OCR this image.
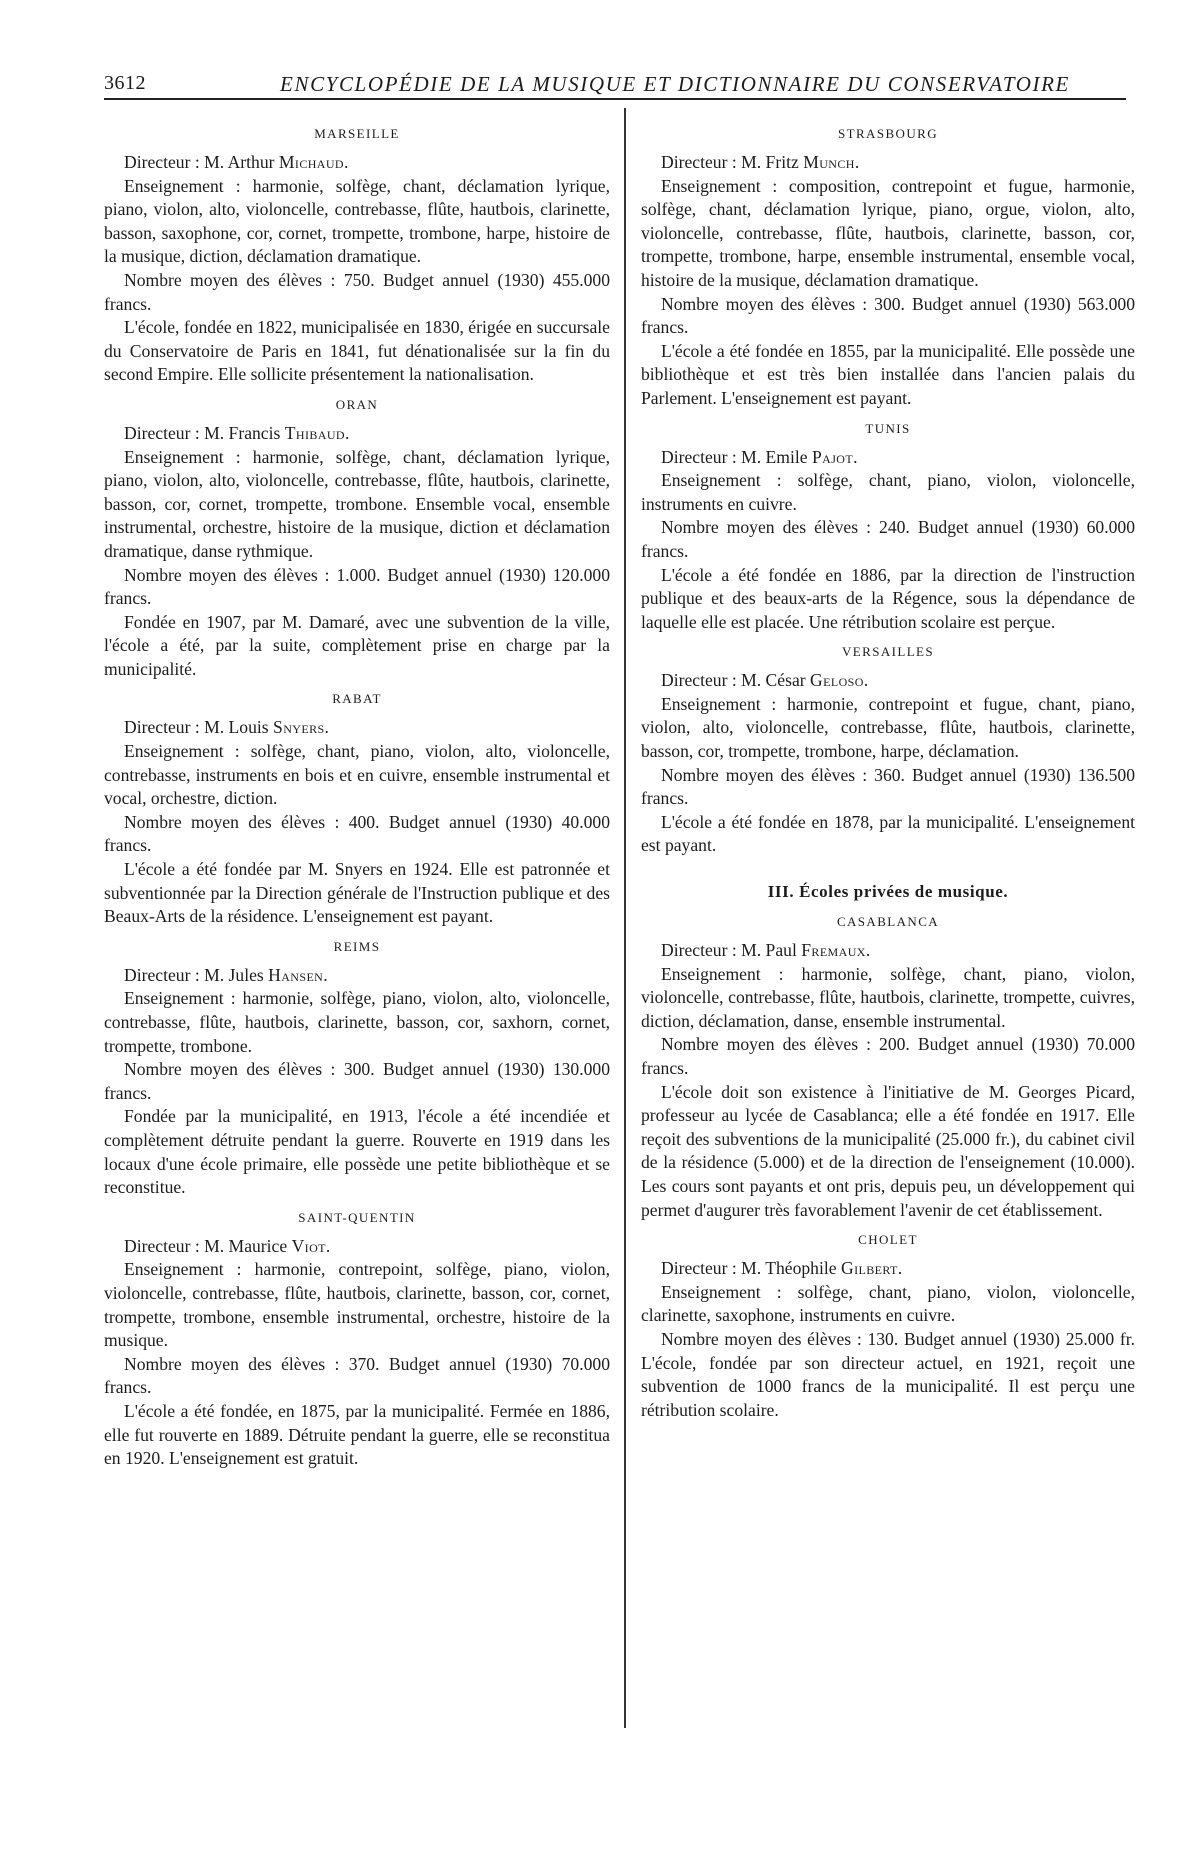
3612	ENCYCLOPÉDIE DE LA MUSIQUE ET DICTIONNAIRE DU CONSERVATOIRE
MARSEILLE

Directeur : M. Arthur Michaud.

Enseignement : harmonie, solfège, chant, déclamation lyrique, piano, violon, alto, violoncelle, contrebasse, flûte, hautbois, clarinette, basson, saxophone, cor, cornet, trompette, trombone, harpe, histoire de la musique, diction, déclamation dramatique.

Nombre moyen des élèves : 750. Budget annuel (1930) 455.000 francs.

L'école, fondée en 1822, municipalisée en 1830, érigée en succursale du Conservatoire de Paris en 1841, fut dénationalisée sur la fin du second Empire. Elle sollicite présentement la nationalisation.

ORAN

Directeur : M. Francis Thibaud.

Enseignement : harmonie, solfège, chant, déclamation lyrique, piano, violon, alto, violoncelle, contrebasse, flûte, hautbois, clarinette, basson, cor, cornet, trompette, trombone. Ensemble vocal, ensemble instrumental, orchestre, histoire de la musique, diction et déclamation dramatique, danse rythmique.

Nombre moyen des élèves : 1.000. Budget annuel (1930) 120.000 francs.

Fondée en 1907, par M. Damaré, avec une subvention de la ville, l'école a été, par la suite, complètement prise en charge par la municipalité.

RABAT

Directeur : M. Louis Snyers.

Enseignement : solfège, chant, piano, violon, alto, violoncelle, contrebasse, instruments en bois et en cuivre, ensemble instrumental et vocal, orchestre, diction.

Nombre moyen des élèves : 400. Budget annuel (1930) 40.000 francs.

L'école a été fondée par M. Snyers en 1924. Elle est patronnée et subventionnée par la Direction générale de l'Instruction publique et des Beaux-Arts de la résidence. L'enseignement est payant.

REIMS

Directeur : M. Jules Hansen.

Enseignement : harmonie, solfège, piano, violon, alto, violoncelle, contrebasse, flûte, hautbois, clarinette, basson, cor, saxhorn, cornet, trompette, trombone.

Nombre moyen des élèves : 300. Budget annuel (1930) 130.000 francs.

Fondée par la municipalité, en 1913, l'école a été incendiée et complètement détruite pendant la guerre. Rouverte en 1919 dans les locaux d'une école primaire, elle possède une petite bibliothèque et se reconstitue.

SAINT-QUENTIN

Directeur : M. Maurice Viot.

Enseignement : harmonie, contrepoint, solfège, piano, violon, violoncelle, contrebasse, flûte, hautbois, clarinette, basson, cor, cornet, trompette, trombone, ensemble instrumental, orchestre, histoire de la musique.

Nombre moyen des élèves : 370. Budget annuel (1930) 70.000 francs.

L'école a été fondée, en 1875, par la municipalité. Fermée en 1886, elle fut rouverte en 1889. Détruite pendant la guerre, elle se reconstitua en 1920. L'enseignement est gratuit.

STRASBOURG

Directeur : M. Fritz Munch.

Enseignement : composition, contrepoint et fugue, harmonie, solfège, chant, déclamation lyrique, piano, orgue, violon, alto, violoncelle, contrebasse, flûte, hautbois, clarinette, basson, cor, trompette, trombone, harpe, ensemble instrumental, ensemble vocal, histoire de la musique, déclamation dramatique.

Nombre moyen des élèves : 300. Budget annuel (1930) 563.000 francs.

L'école a été fondée en 1855, par la municipalité. Elle possède une bibliothèque et est très bien installée dans l'ancien palais du Parlement. L'enseignement est payant.

TUNIS

Directeur : M. Emile Pajot.

Enseignement : solfège, chant, piano, violon, violoncelle, instruments en cuivre.

Nombre moyen des élèves : 240. Budget annuel (1930) 60.000 francs.

L'école a été fondée en 1886, par la direction de l'instruction publique et des beaux-arts de la Régence, sous la dépendance de laquelle elle est placée. Une rétribution scolaire est perçue.

VERSAILLES

Directeur : M. César Geloso.

Enseignement : harmonie, contrepoint et fugue, chant, piano, violon, alto, violoncelle, contrebasse, flûte, hautbois, clarinette, basson, cor, trompette, trombone, harpe, déclamation.

Nombre moyen des élèves : 360. Budget annuel (1930) 136.500 francs.

L'école a été fondée en 1878, par la municipalité. L'enseignement est payant.

III. Écoles privées de musique.
CASABLANCA

Directeur : M. Paul Fremaux.

Enseignement : harmonie, solfège, chant, piano, violon, violoncelle, contrebasse, flûte, hautbois, clarinette, trompette, cuivres, diction, déclamation, danse, ensemble instrumental.

Nombre moyen des élèves : 200. Budget annuel (1930) 70.000 francs.

L'école doit son existence à l'initiative de M. Georges Picard, professeur au lycée de Casablanca; elle a été fondée en 1917. Elle reçoit des subventions de la municipalité (25.000 fr.), du cabinet civil de la résidence (5.000) et de la direction de l'enseignement (10.000). Les cours sont payants et ont pris, depuis peu, un développement qui permet d'augurer très favorablement l'avenir de cet établissement.

CHOLET

Directeur : M. Théophile Gilbert.

Enseignement : solfège, chant, piano, violon, violoncelle, clarinette, saxophone, instruments en cuivre.

Nombre moyen des élèves : 130. Budget annuel (1930) 25.000 fr. L'école, fondée par son directeur actuel, en 1921, reçoit une subvention de 1000 francs de la municipalité. Il est perçu une rétribution scolaire.
